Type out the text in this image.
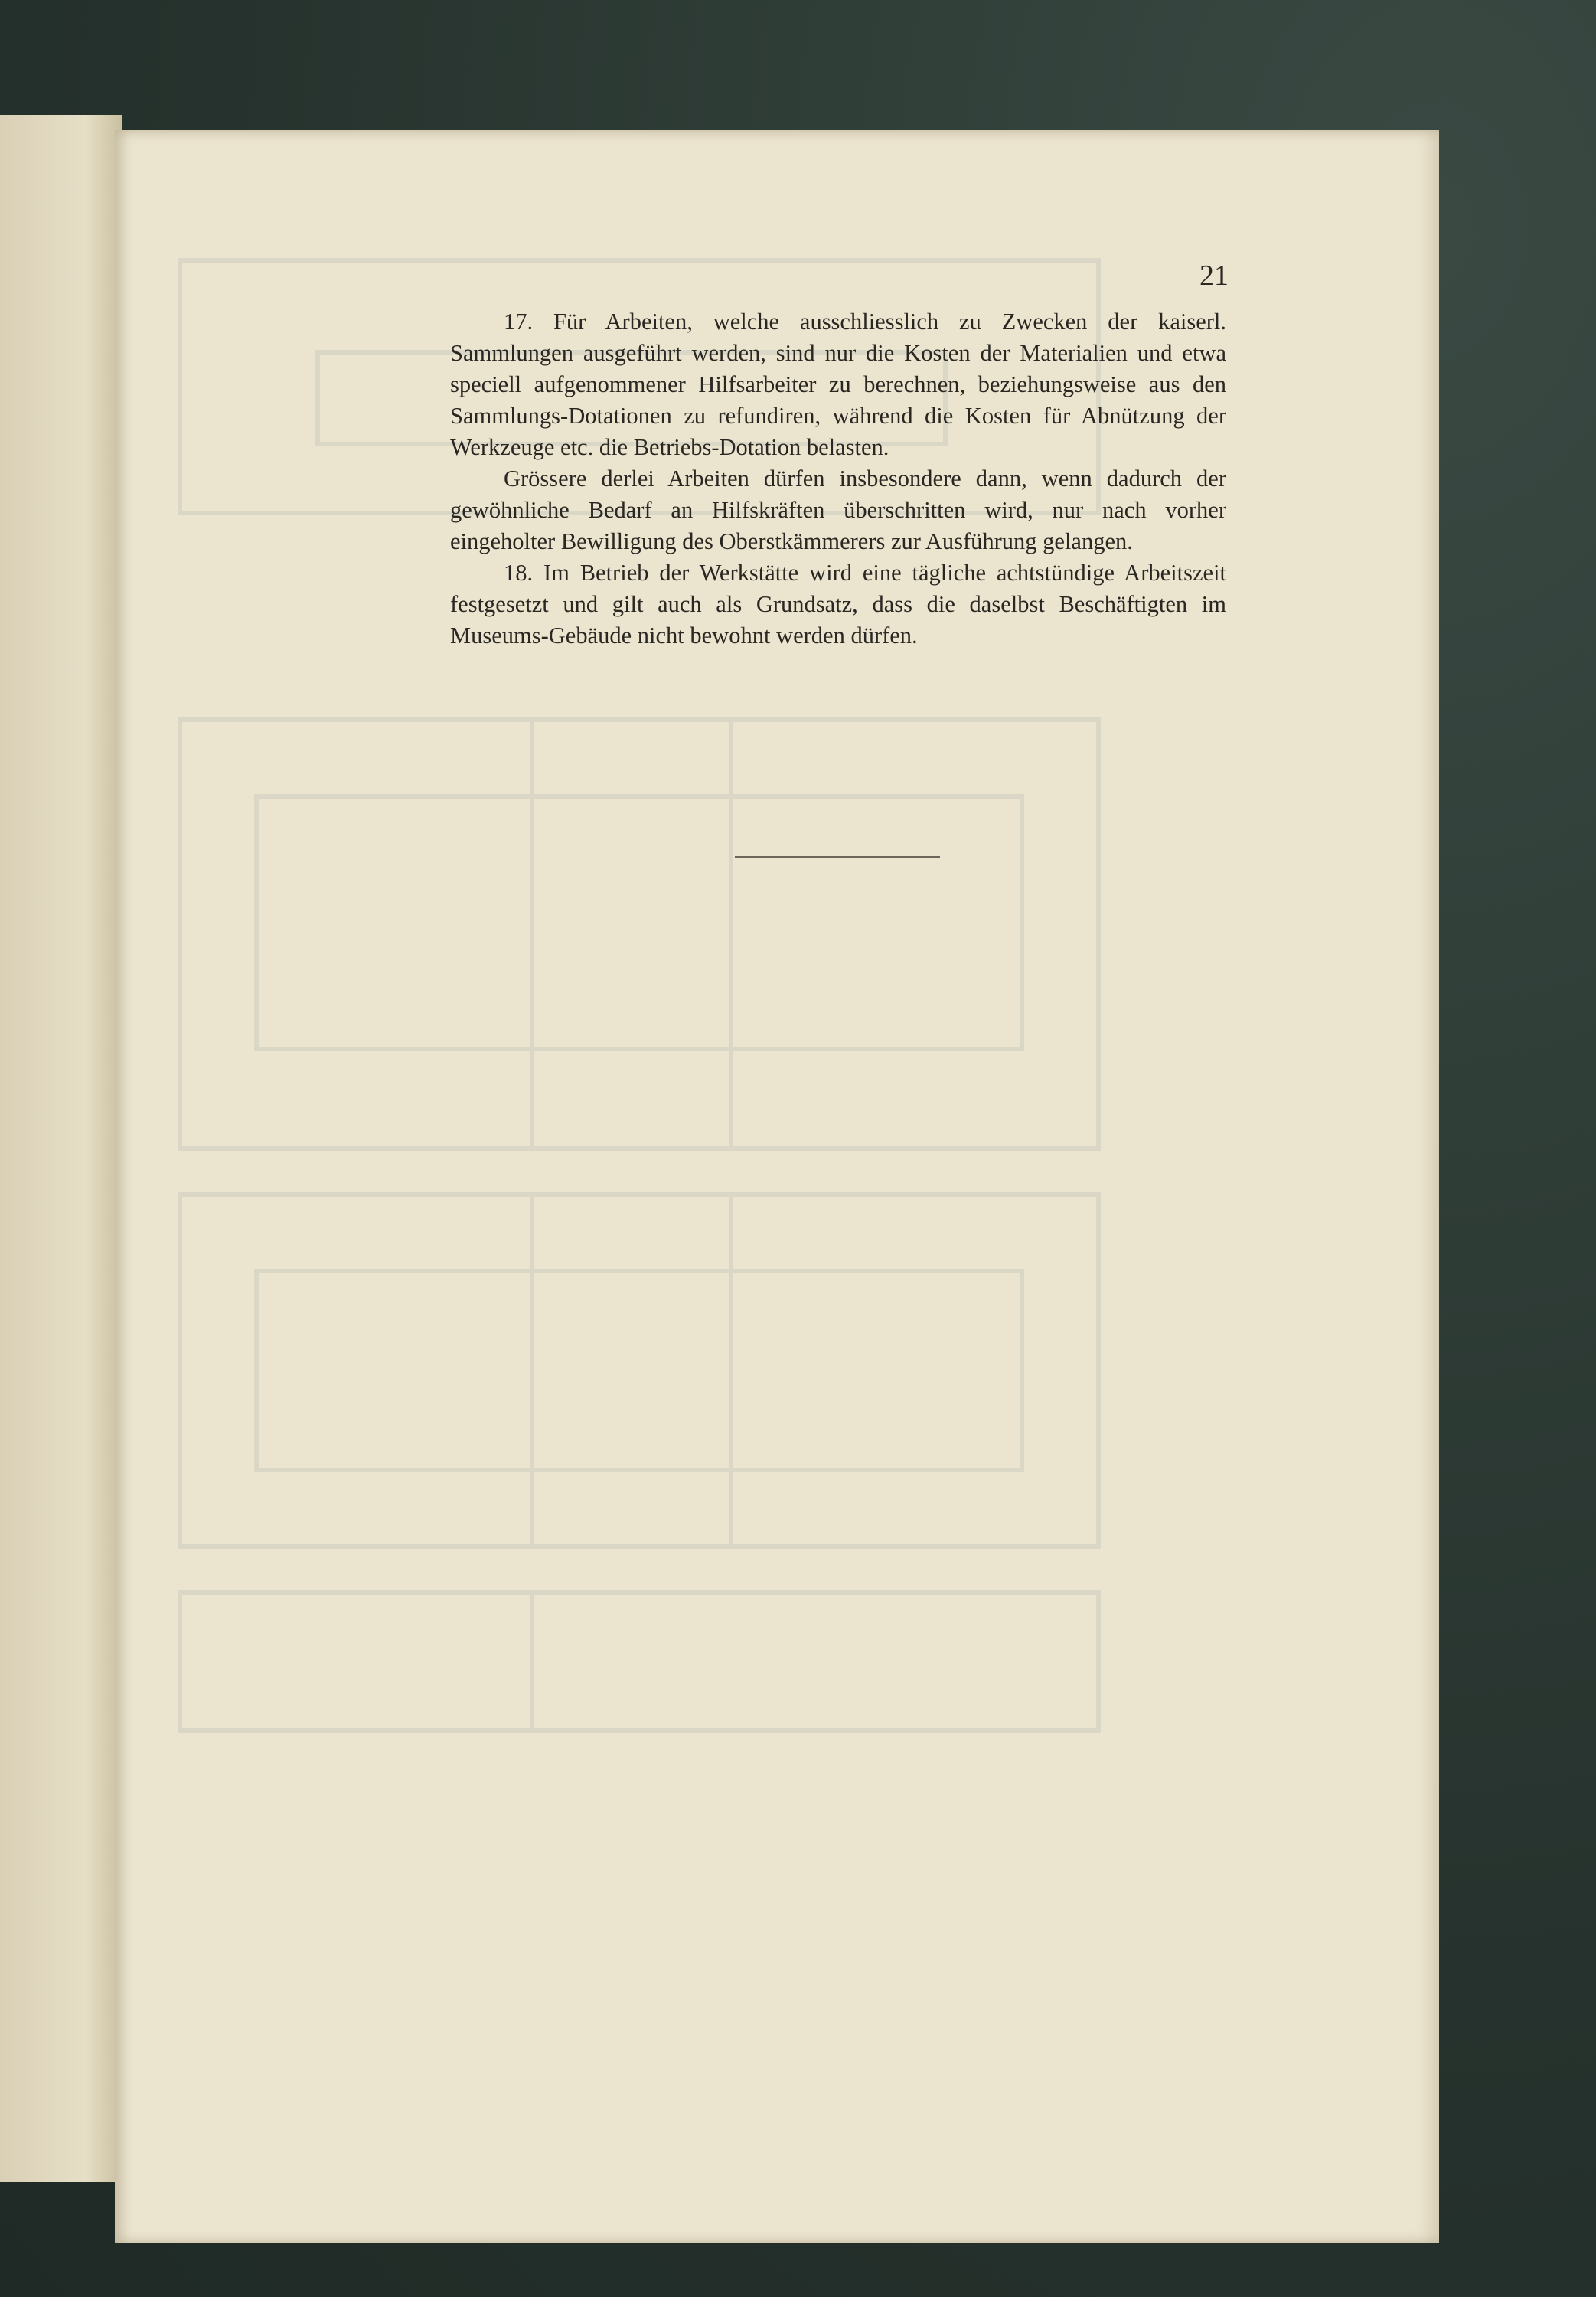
21

17. Für Arbeiten, welche ausschliesslich zu Zwecken der kaiserl. Sammlungen ausgeführt werden, sind nur die Kosten der Materialien und etwa speciell aufgenommener Hilfsarbeiter zu berechnen, beziehungsweise aus den Sammlungs-Dotationen zu refundiren, während die Kosten für Abnützung der Werkzeuge etc. die Betriebs-Dotation belasten.

Grössere derlei Arbeiten dürfen insbesondere dann, wenn dadurch der gewöhnliche Bedarf an Hilfskräften überschritten wird, nur nach vorher eingeholter Bewilligung des Oberstkämmerers zur Ausführung gelangen.

18. Im Betrieb der Werkstätte wird eine tägliche achtstündige Arbeitszeit festgesetzt und gilt auch als Grundsatz, dass die daselbst Beschäftigten im Museums-Gebäude nicht bewohnt werden dürfen.
